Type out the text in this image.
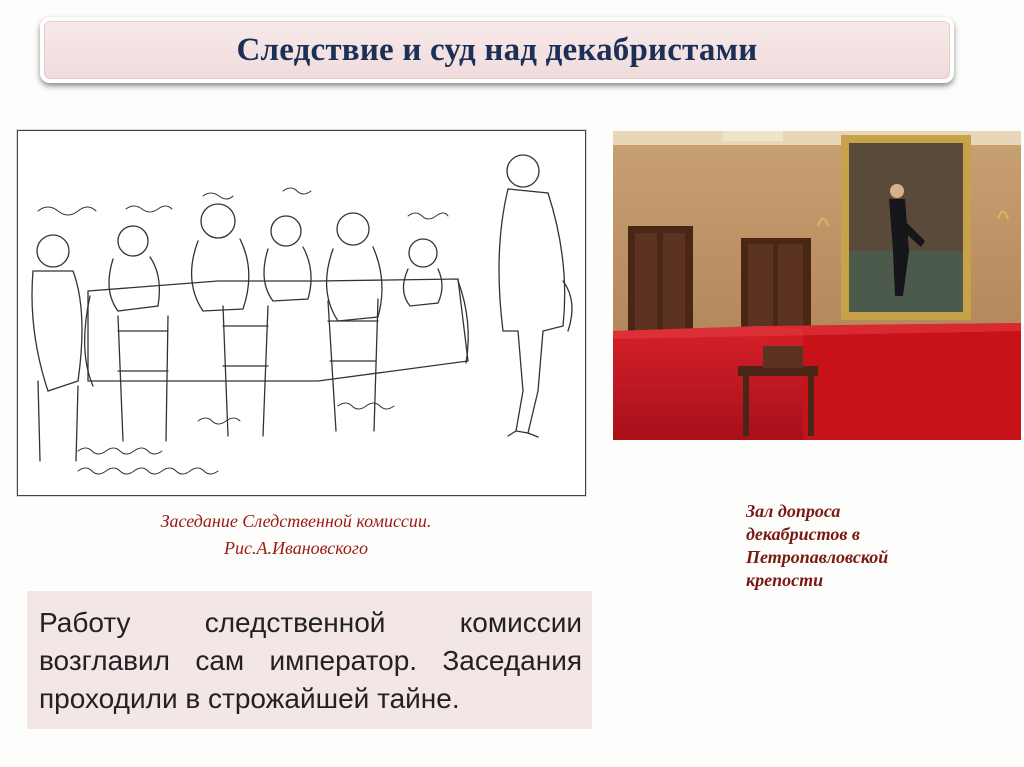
Следствие и суд над декабристами
Заседание Следственной комиссии.
Рис.А.Ивановского
Зал допроса
декабристов в
Петропавловской
крепости

Работу следственной комиссии возглавил сам император. Заседания проходили в строжайшей тайне.
